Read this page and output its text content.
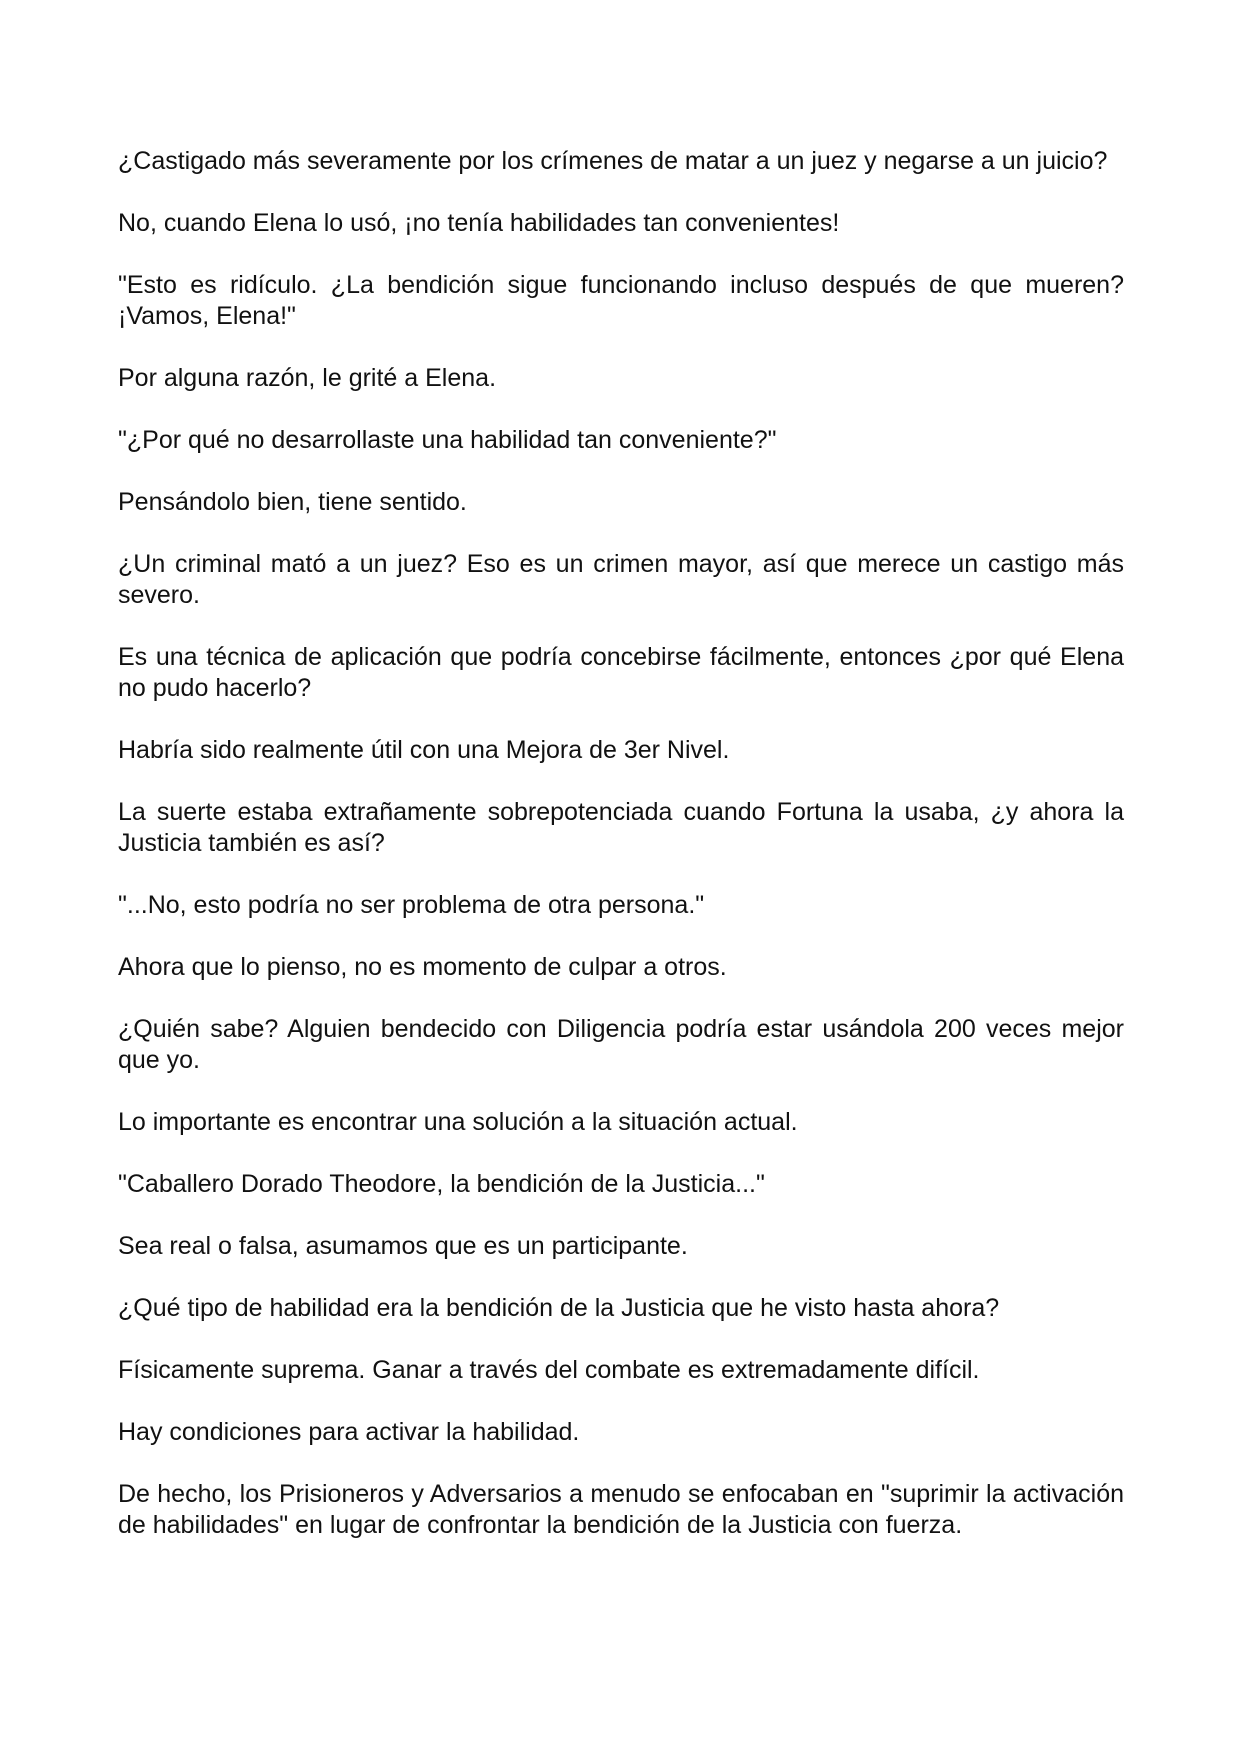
¿Castigado más severamente por los crímenes de matar a un juez y negarse a un juicio?

No, cuando Elena lo usó, ¡no tenía habilidades tan convenientes!

"Esto es ridículo. ¿La bendición sigue funcionando incluso después de que mueren? ¡Vamos, Elena!"

Por alguna razón, le grité a Elena.

"¿Por qué no desarrollaste una habilidad tan conveniente?"

Pensándolo bien, tiene sentido.

¿Un criminal mató a un juez? Eso es un crimen mayor, así que merece un castigo más severo.

Es una técnica de aplicación que podría concebirse fácilmente, entonces ¿por qué Elena no pudo hacerlo?

Habría sido realmente útil con una Mejora de 3er Nivel.

La suerte estaba extrañamente sobrepotenciada cuando Fortuna la usaba, ¿y ahora la Justicia también es así?

"...No, esto podría no ser problema de otra persona."

Ahora que lo pienso, no es momento de culpar a otros.

¿Quién sabe? Alguien bendecido con Diligencia podría estar usándola 200 veces mejor que yo.

Lo importante es encontrar una solución a la situación actual.

"Caballero Dorado Theodore, la bendición de la Justicia..."

Sea real o falsa, asumamos que es un participante.

¿Qué tipo de habilidad era la bendición de la Justicia que he visto hasta ahora?

Físicamente suprema. Ganar a través del combate es extremadamente difícil.

Hay condiciones para activar la habilidad.

De hecho, los Prisioneros y Adversarios a menudo se enfocaban en "suprimir la activación de habilidades" en lugar de confrontar la bendición de la Justicia con fuerza.
